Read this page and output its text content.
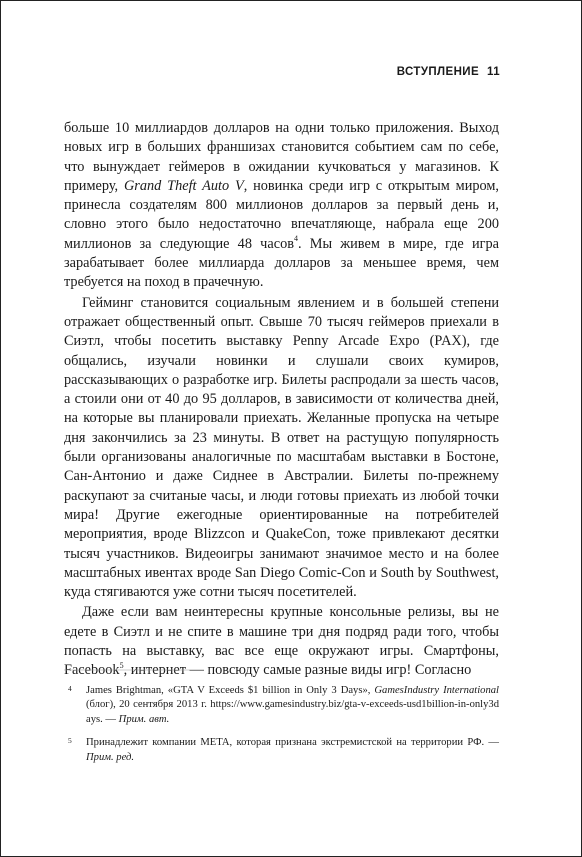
ВСТУПЛЕНИЕ 11

больше 10 миллиардов долларов на одни только приложения. Выход новых игр в больших франшизах становится событием сам по себе, что вынуждает геймеров в ожидании кучковаться у магазинов. К примеру, Grand Theft Auto V, новинка среди игр с открытым миром, принесла создателям 800 миллионов долларов за первый день и, словно этого было недостаточно впечатляюще, набрала еще 200 миллионов за следующие 48 часов$^4$. Мы живем в мире, где игра зарабатывает более миллиарда долларов за меньшее время, чем требуется на поход в прачечную.

Гейминг становится социальным явлением и в большей степени отражает общественный опыт. Свыше 70 тысяч геймеров приехали в Сиэтл, чтобы посетить выставку Penny Arcade Expo (PAX), где общались, изучали новинки и слушали своих кумиров, рассказывающих о разработке игр. Билеты распродали за шесть часов, а стоили они от 40 до 95 долларов, в зависимости от количества дней, на которые вы планировали приехать. Желанные пропуска на четыре дня закончились за 23 минуты. В ответ на растущую популярность были организованы аналогичные по масштабам выставки в Бостоне, Сан-Антонио и даже Сиднее в Австралии. Билеты по-прежнему раскупают за считаные часы, и люди готовы приехать из любой точки мира! Другие ежегодные ориентированные на потребителей мероприятия, вроде Blizzcon и QuakeCon, тоже привлекают десятки тысяч участников. Видеоигры занимают значимое место и на более масштабных ивентах вроде San Diego Comic-Con и South by Southwest, куда стягиваются уже сотни тысяч посетителей.

Даже если вам неинтересны крупные консольные релизы, вы не едете в Сиэтл и не спите в машине три дня подряд ради того, чтобы попасть на выставку, вас все еще окружают игры. Смартфоны, Facebook$^5$, интернет — повсюду самые разные виды игр! Согласно

4 James Brightman, «GTA V Exceeds $1 billion in Only 3 Days», GamesIndustry International (блог), 20 сентября 2013 г. https://www.gamesindustry.biz/gta-v-exceeds-usd1billion-in-only3days. — Прим. авт.
5 Принадлежит компании META, которая признана экстремистской на территории РФ. — Прим. ред.
